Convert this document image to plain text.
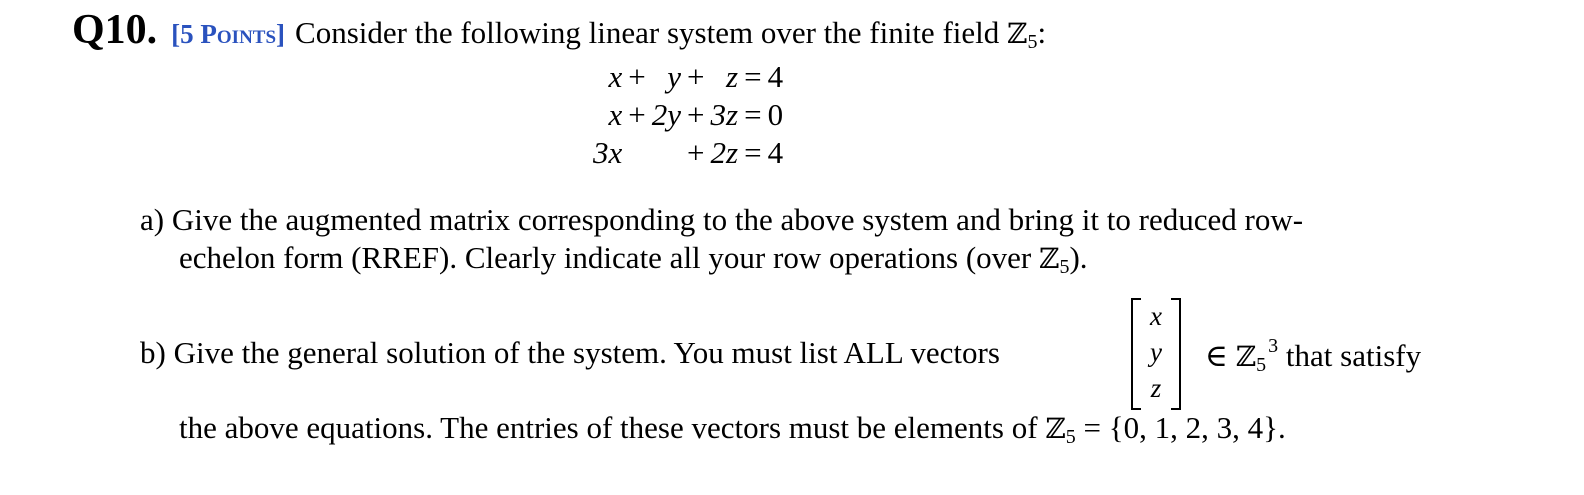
Q10. [5 Points] Consider the following linear system over the finite field ℤ$_5$:
x	+	y	+	z	=	4
x	+	2y	+	3z	=	0
3x			+	2z	=	4
a) Give the augmented matrix corresponding to the above system and bring it to reduced row-
echelon form (RREF). Clearly indicate all your row operations (over ℤ$_5$).
b) Give the general solution of the system. You must list ALL vectors
x
y
z
∈ ℤ$_5^3$ that satisfy
the above equations. The entries of these vectors must be elements of ℤ$_5$ = {0, 1, 2, 3, 4}.
